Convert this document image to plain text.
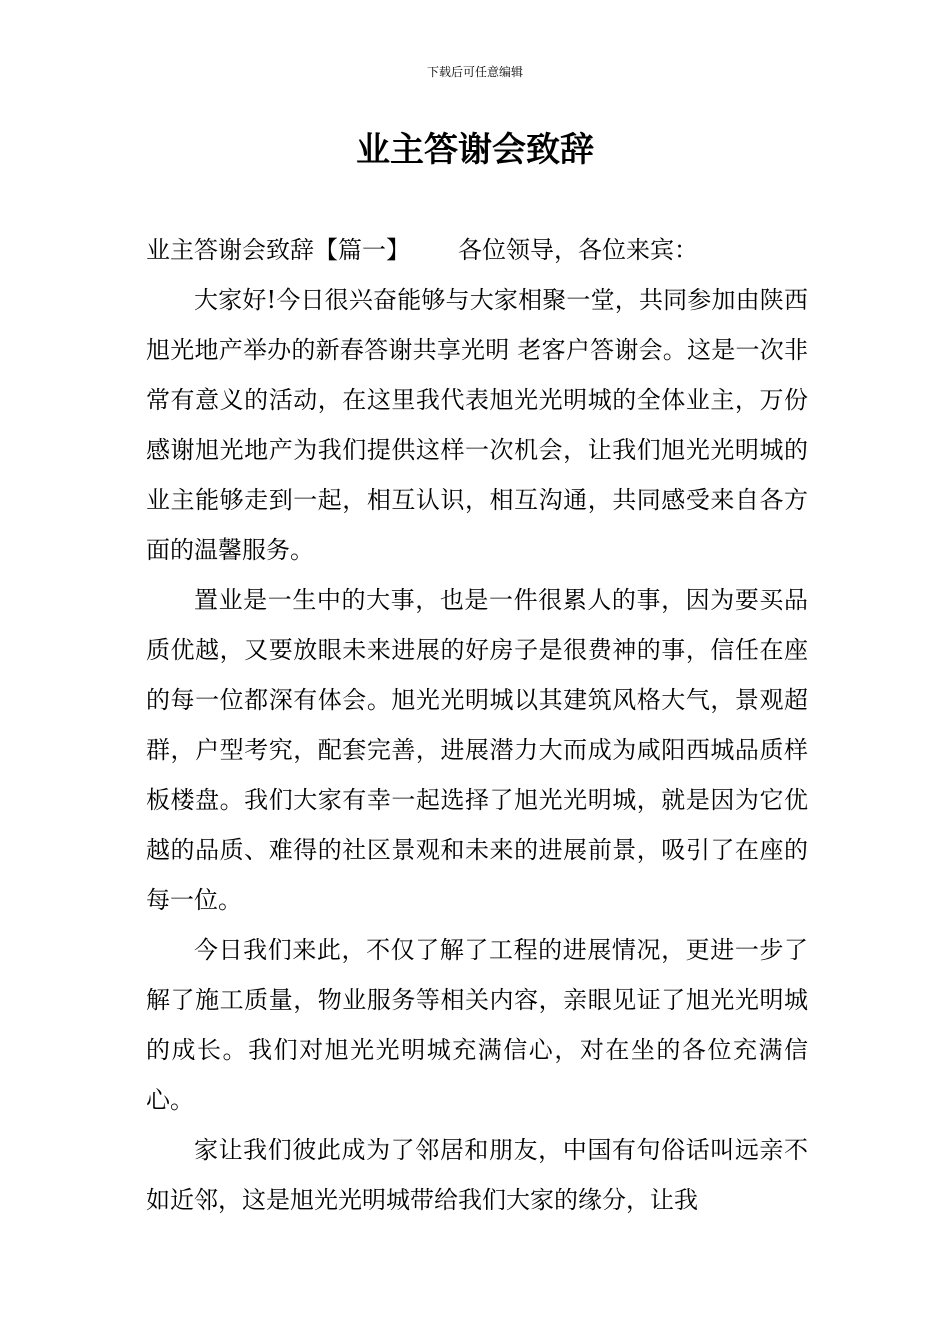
下载后可任意编辑
业主答谢会致辞

业主答谢会致辞【篇一】 各位领导，各位来宾：

大家好!今日很兴奋能够与大家相聚一堂，共同参加由陕西旭光地产举办的新春答谢共享光明 老客户答谢会。这是一次非常有意义的活动，在这里我代表旭光光明城的全体业主，万份感谢旭光地产为我们提供这样一次机会，让我们旭光光明城的业主能够走到一起，相互认识，相互沟通，共同感受来自各方面的温馨服务。

置业是一生中的大事，也是一件很累人的事，因为要买品质优越，又要放眼未来进展的好房子是很费神的事，信任在座的每一位都深有体会。旭光光明城以其建筑风格大气，景观超群，户型考究，配套完善，进展潜力大而成为咸阳西城品质样板楼盘。我们大家有幸一起选择了旭光光明城，就是因为它优越的品质、难得的社区景观和未来的进展前景，吸引了在座的每一位。

今日我们来此，不仅了解了工程的进展情况，更进一步了解了施工质量，物业服务等相关内容，亲眼见证了旭光光明城的成长。我们对旭光光明城充满信心，对在坐的各位充满信心。

家让我们彼此成为了邻居和朋友，中国有句俗话叫远亲不如近邻，这是旭光光明城带给我们大家的缘分，让我
